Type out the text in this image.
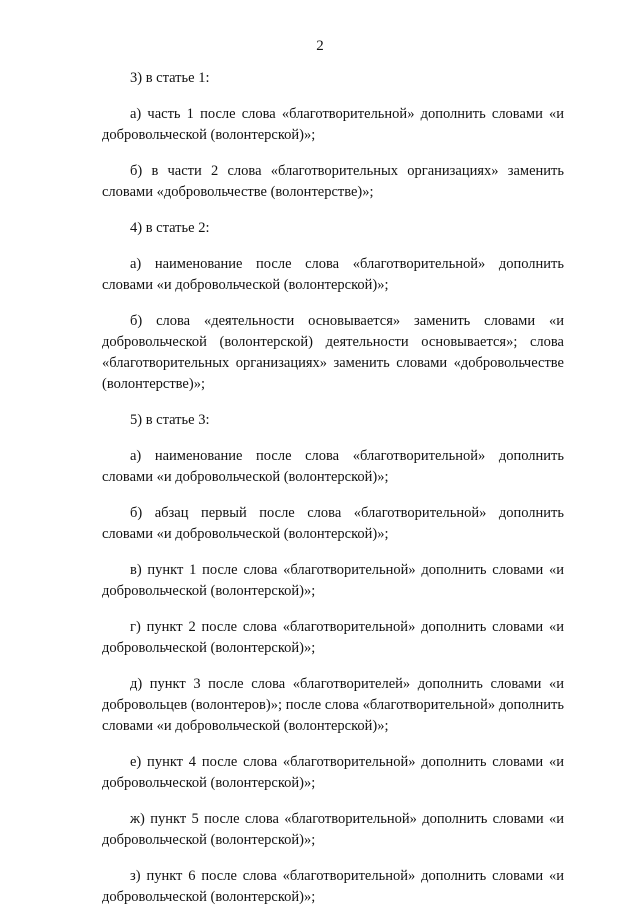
2

3) в статье 1:

а) часть 1 после слова «благотворительной» дополнить словами «и добровольческой (волонтерской)»;

б) в части 2 слова «благотворительных организациях» заменить словами «добровольчестве (волонтерстве)»;

4) в статье 2:

а) наименование после слова «благотворительной» дополнить словами «и добровольческой (волонтерской)»;

б) слова «деятельности основывается» заменить словами «и добровольческой (волонтерской) деятельности основывается»; слова «благотворительных организациях» заменить словами «добровольчестве (волонтерстве)»;

5) в статье 3:

а) наименование после слова «благотворительной» дополнить словами «и добровольческой (волонтерской)»;

б) абзац первый после слова «благотворительной» дополнить словами «и добровольческой (волонтерской)»;

в) пункт 1 после слова «благотворительной» дополнить словами «и добровольческой (волонтерской)»;

г) пункт 2 после слова «благотворительной» дополнить словами «и добровольческой (волонтерской)»;

д) пункт 3 после слова «благотворителей» дополнить словами «и добровольцев (волонтеров)»; после слова «благотворительной» дополнить словами «и добровольческой (волонтерской)»;

е) пункт 4 после слова «благотворительной» дополнить словами «и добровольческой (волонтерской)»;

ж) пункт 5 после слова «благотворительной» дополнить словами «и добровольческой (волонтерской)»;

з) пункт 6 после слова «благотворительной» дополнить словами «и добровольческой (волонтерской)»;
